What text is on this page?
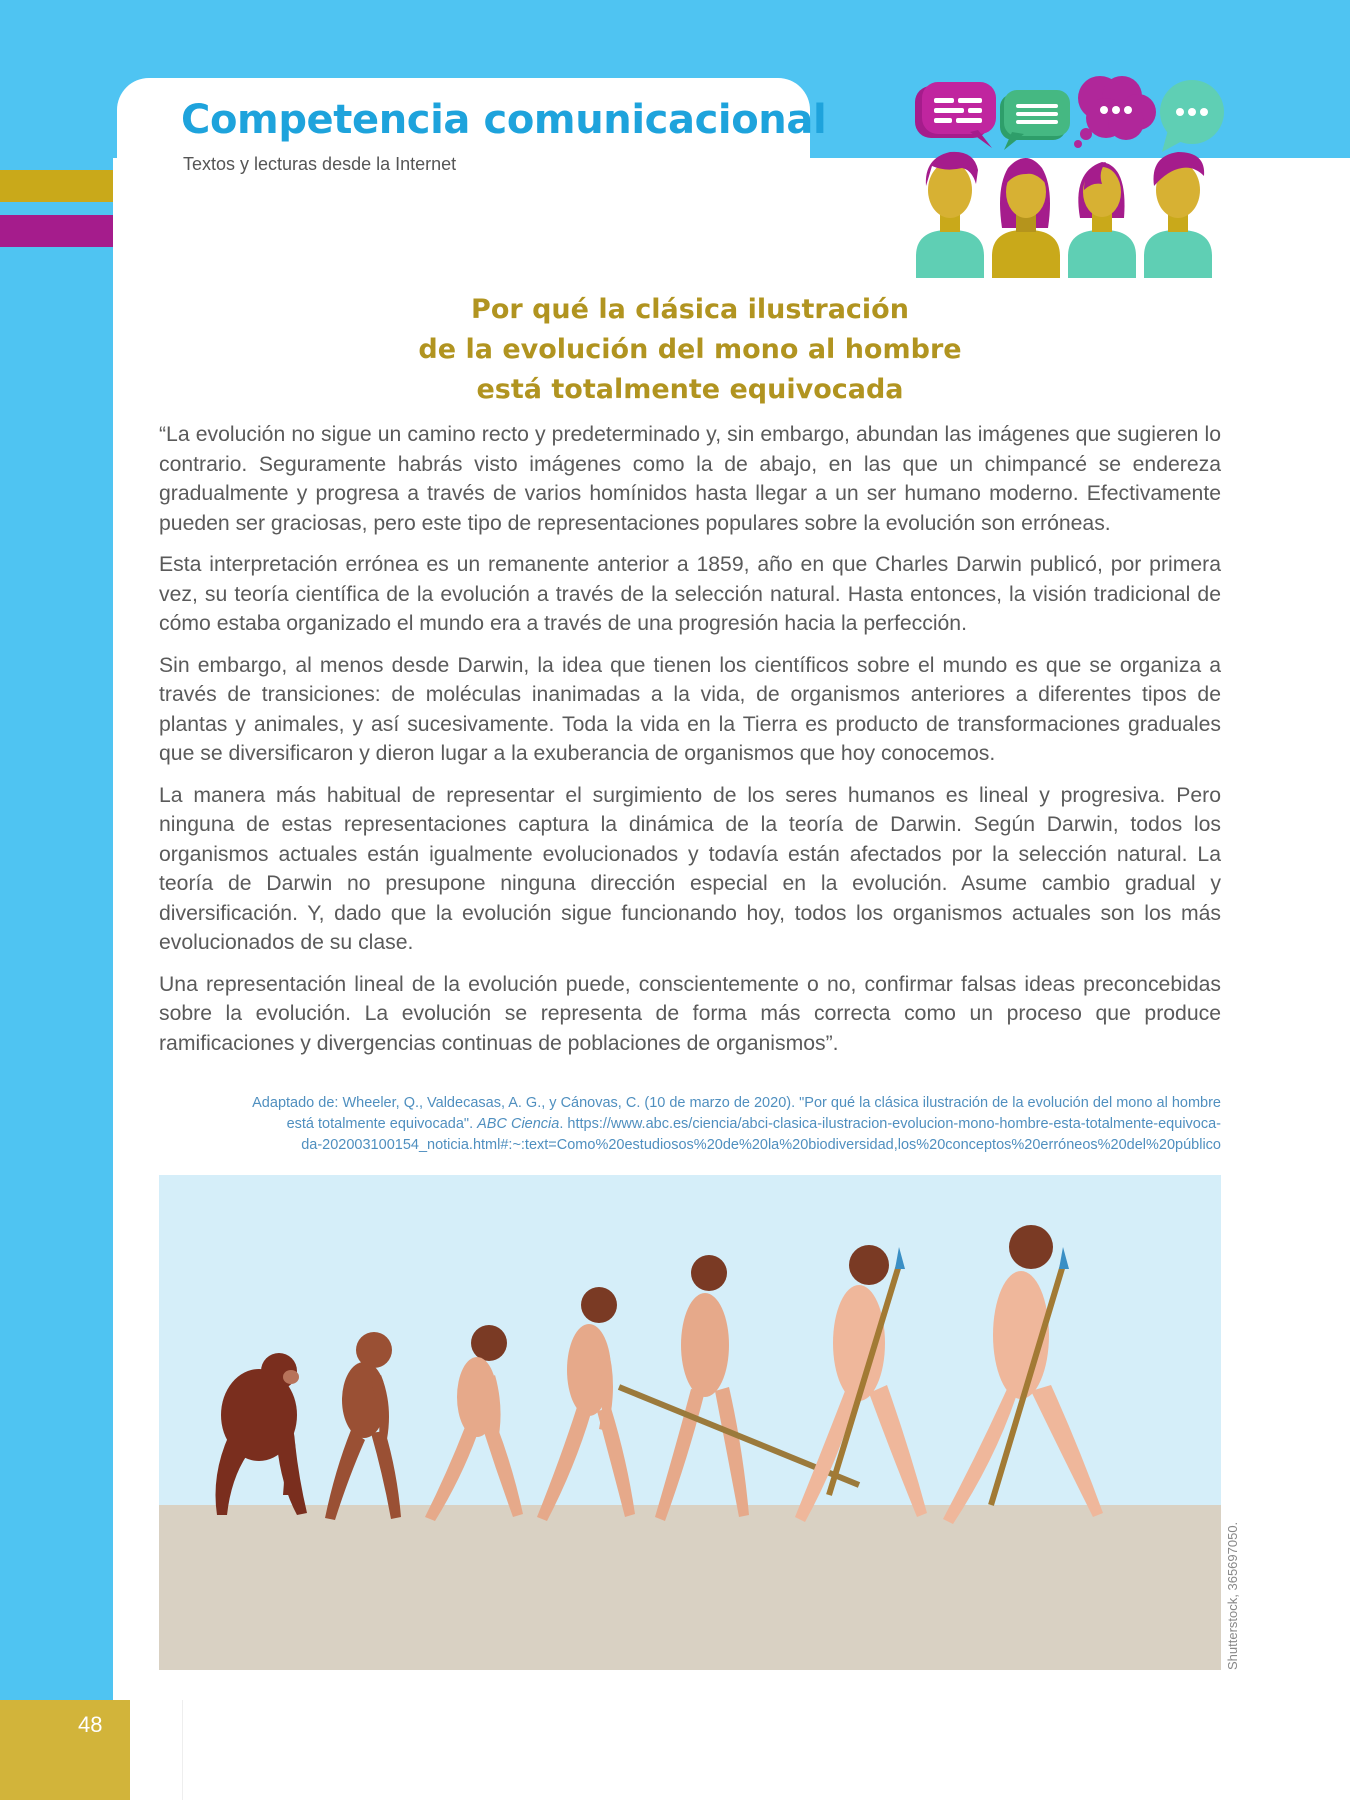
Competencia comunicacional
Textos y lecturas desde la Internet
Por qué la clásica ilustración
de la evolución del mono al hombre
está totalmente equivocada

“La evolución no sigue un camino recto y predeterminado y, sin embargo, abundan las imágenes que sugieren lo contrario. Seguramente habrás visto imágenes como la de abajo, en las que un chimpancé se endereza gradualmente y progresa a través de varios homínidos hasta llegar a un ser humano moderno. Efectivamente pueden ser graciosas, pero este tipo de representaciones populares sobre la evolución son erróneas.

Esta interpretación errónea es un remanente anterior a 1859, año en que Charles Darwin publicó, por primera vez, su teoría científica de la evolución a través de la selección natural. Hasta entonces, la visión tradicional de cómo estaba organizado el mundo era a través de una progresión hacia la perfección.

Sin embargo, al menos desde Darwin, la idea que tienen los científicos sobre el mundo es que se organiza a través de transiciones: de moléculas inanimadas a la vida, de organismos anteriores a diferentes tipos de plantas y animales, y así sucesivamente. Toda la vida en la Tierra es producto de transformaciones graduales que se diversificaron y dieron lugar a la exuberancia de organismos que hoy conocemos.

La manera más habitual de representar el surgimiento de los seres humanos es lineal y progresiva. Pero ninguna de estas representaciones captura la dinámica de la teoría de Darwin. Según Darwin, todos los organismos actuales están igualmente evolucionados y todavía están afectados por la selección natural. La teoría de Darwin no presupone ninguna dirección especial en la evolución. Asume cambio gradual y diversificación. Y, dado que la evolución sigue funcionando hoy, todos los organismos actuales son los más evolucionados de su clase.

Una representación lineal de la evolución puede, conscientemente o no, confirmar falsas ideas preconcebidas sobre la evolución. La evolución se representa de forma más correcta como un proceso que produce ramificaciones y divergencias continuas de poblaciones de organismos”.

Adaptado de: Wheeler, Q., Valdecasas, A. G., y Cánovas, C. (10 de marzo de 2020). "Por qué la clásica ilustración de la evolución del mono al hombre
está totalmente equivocada". ABC Ciencia. https://www.abc.es/ciencia/abci-clasica-ilustracion-evolucion-mono-hombre-esta-totalmente-equivoca-
da-202003100154_noticia.html#:~:text=Como%20estudiosos%20de%20la%20biodiversidad,los%20conceptos%20erróneos%20del%20público
Shutterstock, 365697050.
48
